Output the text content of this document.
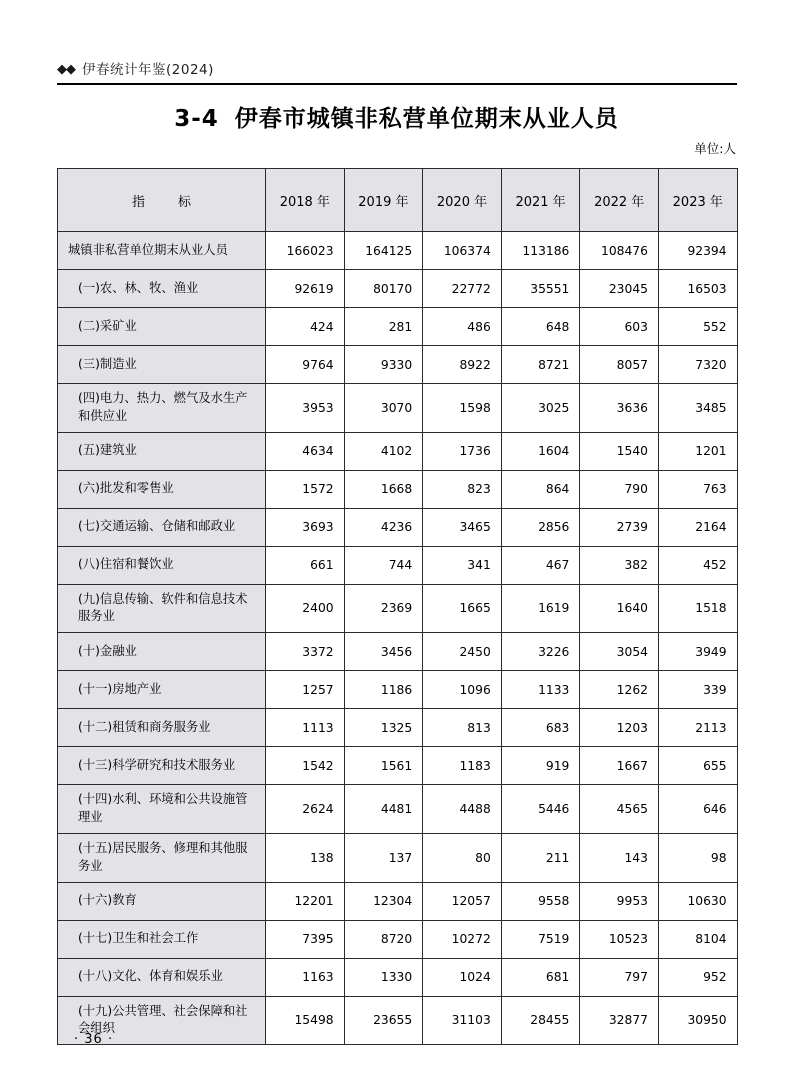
◆◆ 伊春统计年鉴(2024)
3-4 伊春市城镇非私营单位期末从业人员
单位:人
指　标	2018 年	2019 年	2020 年	2021 年	2022 年	2023 年
城镇非私营单位期末从业人员	166023	164125	106374	113186	108476	92394
(一)农、林、牧、渔业	92619	80170	22772	35551	23045	16503
(二)采矿业	424	281	486	648	603	552
(三)制造业	9764	9330	8922	8721	8057	7320
(四)电力、热力、燃气及水生产和供应业	3953	3070	1598	3025	3636	3485
(五)建筑业	4634	4102	1736	1604	1540	1201
(六)批发和零售业	1572	1668	823	864	790	763
(七)交通运输、仓储和邮政业	3693	4236	3465	2856	2739	2164
(八)住宿和餐饮业	661	744	341	467	382	452
(九)信息传输、软件和信息技术服务业	2400	2369	1665	1619	1640	1518
(十)金融业	3372	3456	2450	3226	3054	3949
(十一)房地产业	1257	1186	1096	1133	1262	339
(十二)租赁和商务服务业	1113	1325	813	683	1203	2113
(十三)科学研究和技术服务业	1542	1561	1183	919	1667	655
(十四)水利、环境和公共设施管理业	2624	4481	4488	5446	4565	646
(十五)居民服务、修理和其他服务业	138	137	80	211	143	98
(十六)教育	12201	12304	12057	9558	9953	10630
(十七)卫生和社会工作	7395	8720	10272	7519	10523	8104
(十八)文化、体育和娱乐业	1163	1330	1024	681	797	952
(十九)公共管理、社会保障和社会组织	15498	23655	31103	28455	32877	30950
· 36 ·
